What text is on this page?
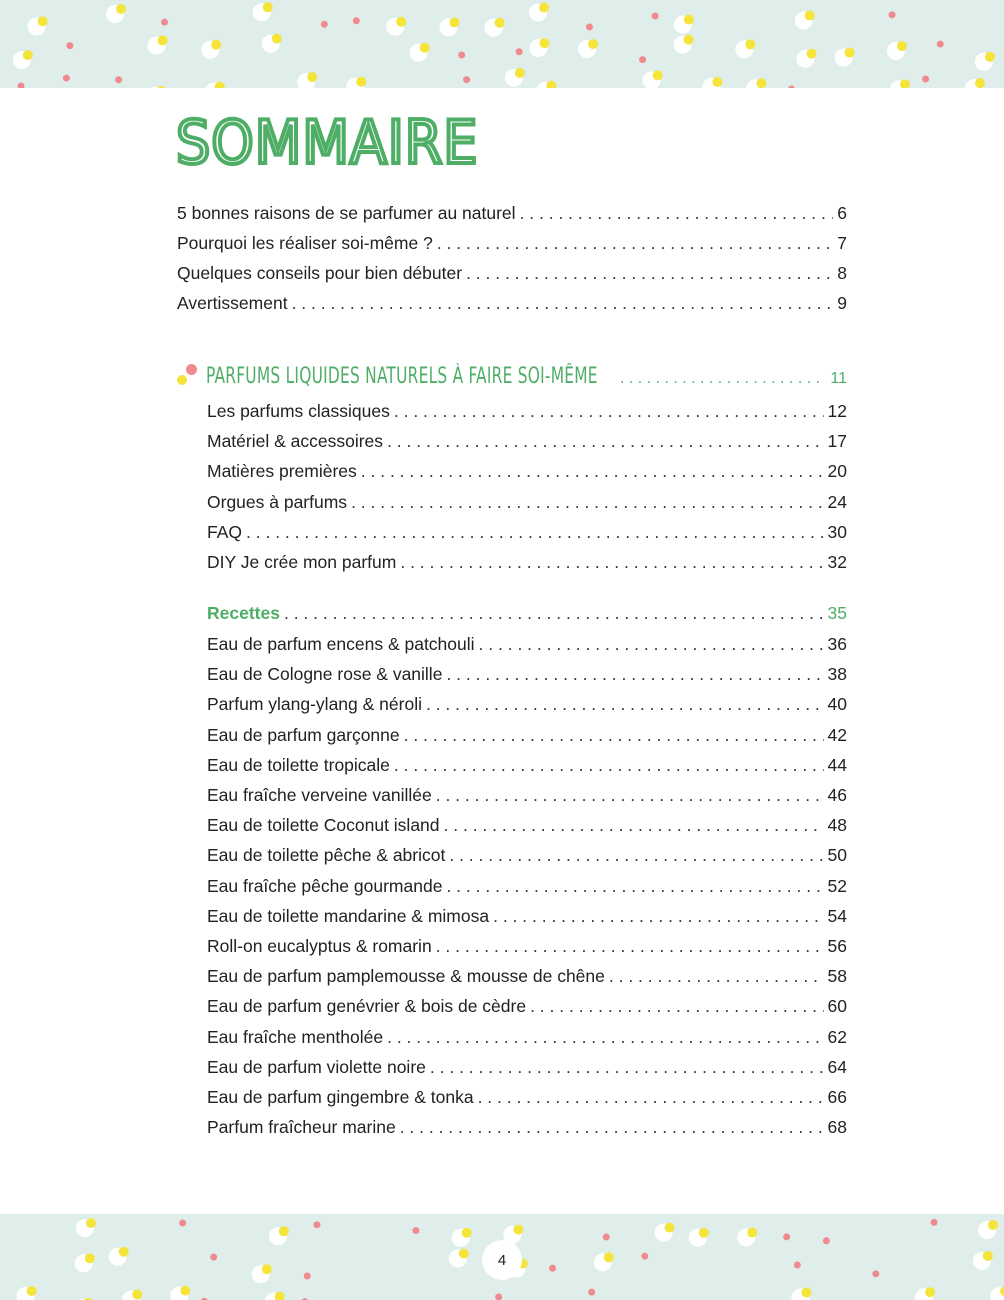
SOMMAIRE
5 bonnes raisons de se parfumer au naturel . . .	6
Pourquoi les réaliser soi-même ? . . .	7
Quelques conseils pour bien débuter . . .	8
Avertissement . . .	9
PARFUMS LIQUIDES NATURELS À FAIRE SOI-MÊME . . .	11
Les parfums classiques . . .	12
Matériel & accessoires . . .	17
Matières premières . . .	20
Orgues à parfums . . .	24
FAQ . . .	30
DIY Je crée mon parfum . . .	32
Recettes . . .	35
Eau de parfum encens & patchouli . . .	36
Eau de Cologne rose & vanille . . .	38
Parfum ylang-ylang & néroli . . .	40
Eau de parfum garçonne . . .	42
Eau de toilette tropicale . . .	44
Eau fraîche verveine vanillée . . .	46
Eau de toilette Coconut island . . .	48
Eau de toilette pêche & abricot . . .	50
Eau fraîche pêche gourmande . . .	52
Eau de toilette mandarine & mimosa . . .	54
Roll-on eucalyptus & romarin . . .	56
Eau de parfum pamplemousse & mousse de chêne . . .	58
Eau de parfum genévrier & bois de cèdre . . .	60
Eau fraîche mentholée . . .	62
Eau de parfum violette noire . . .	64
Eau de parfum gingembre & tonka . . .	66
Parfum fraîcheur marine . . .	68
4
